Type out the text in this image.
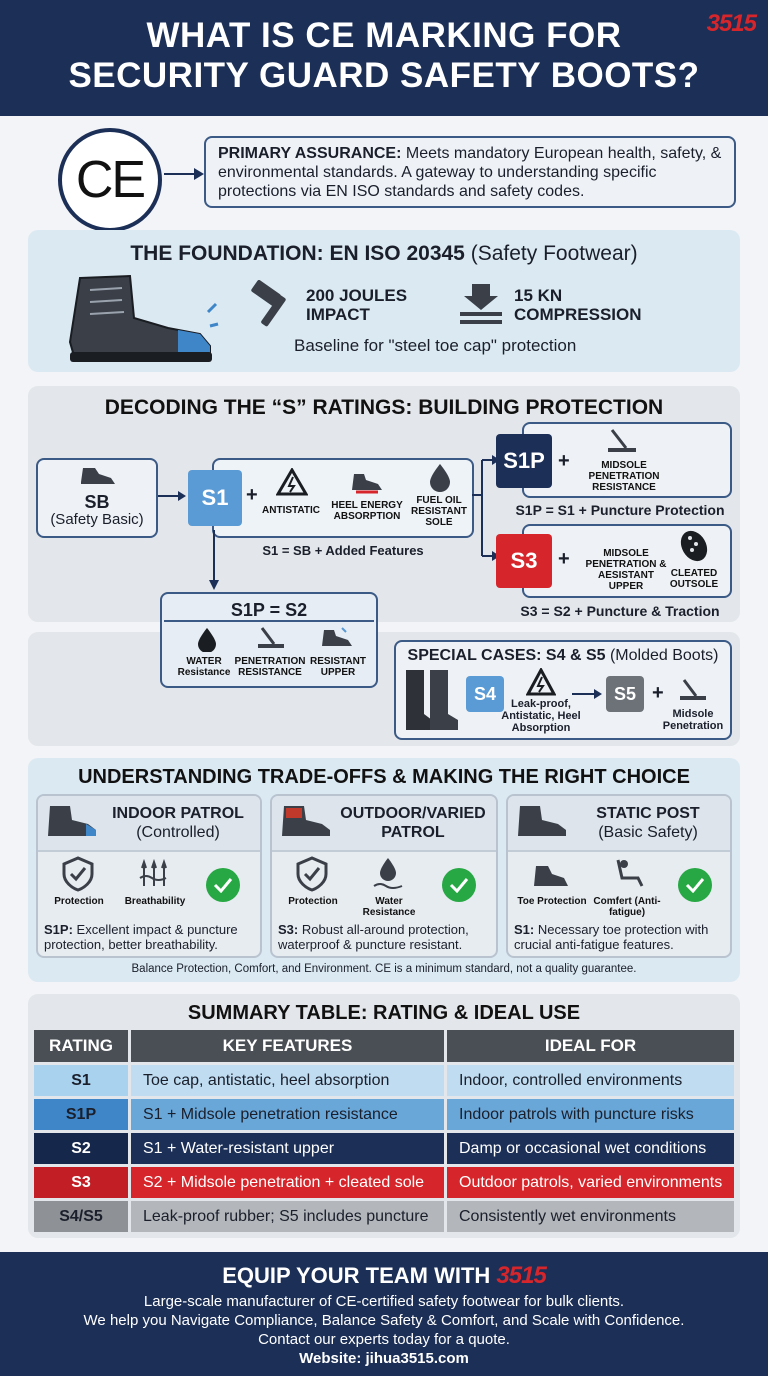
WHAT IS CE MARKING FOR
SECURITY GUARD SAFETY BOOTS?
3515
CE	PRIMARY ASSURANCE: Meets mandatory European health, safety, & environmental standards. A gateway to understanding specific protections via EN ISO standards and safety codes.
THE FOUNDATION: EN ISO 20345 (Safety Footwear)
200 JOULES
IMPACT
15 KN
COMPRESSION
Baseline for "steel toe cap" protection
DECODING THE “S” RATINGS: BUILDING PROTECTION
SB
(Safety Basic)
S1 +
ANTISTATIC	HEEL ENERGY ABSORPTION
FUEL OIL RESISTANT SOLE
S1 = SB + Added Features
S1P +	MIDSOLE PENETRATION RESISTANCE
S1P = S1 + Puncture Protection
S3	+	MIDSOLE PENETRATION & AESISTANT UPPER
CLEATED OUTSOLE
S3 = S2 + Puncture & Traction
S1P = S2
WATER Resistance
PENETRATION RESISTANCE
RESISTANT UPPER
SPECIAL CASES: S4 & S5 (Molded Boots)
S4
Leak-proof, Antistatic, Heel Absorption
S5 +
Midsole Penetration
UNDERSTANDING TRADE-OFFS & MAKING THE RIGHT CHOICE
INDOOR PATROL
(Controlled)
Protection	Breathability
S1P: Excellent impact & puncture protection, better breathability.
OUTDOOR/VARIED
PATROL
Protection	Water Resistance
S3: Robust all-around protection, waterproof & puncture resistant.
STATIC POST
(Basic Safety)
Toe Protection Comfert (Anti-fatigue)
S1: Necessary toe protection with crucial anti-fatigue features.
Balance Protection, Comfort, and Environment. CE is a minimum standard, not a quality guarantee.
SUMMARY TABLE: RATING & IDEAL USE
RATING	KEY FEATURES	IDEAL FOR
S1	Toe cap, antistatic, heel absorption	Indoor, controlled environments
S1P	S1 + Midsole penetration resistance	Indoor patrols with puncture risks
S2	S1 + Water-resistant upper	Damp or occasional wet conditions
S3	S2 + Midsole penetration + cleated sole	Outdoor patrols, varied environments
S4/S5	Leak-proof rubber; S5 includes puncture	Consistently wet environments
EQUIP YOUR TEAM WITH 3515
Large-scale manufacturer of CE-certified safety footwear for bulk clients.
We help you Navigate Compliance, Balance Safety & Comfort, and Scale with Confidence.
Contact our experts today for a quote.
Website: jihua3515.com
